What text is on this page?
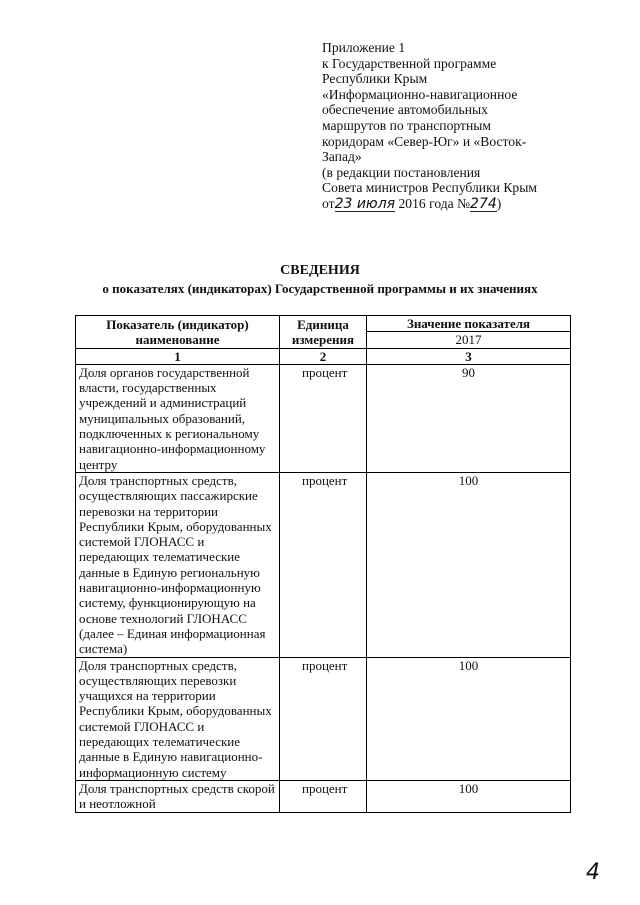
Приложение 1
к Государственной программе
Республики Крым
«Информационно-навигационное
обеспечение автомобильных
маршрутов по транспортным
коридорам «Север-Юг» и «Восток-
Запад»
(в редакции постановления
Совета министров Республики Крым
от23 июля 2016 года №274)
СВЕДЕНИЯ
о показателях (индикаторах) Государственной программы и их значениях
Показатель (индикатор) наименование	Единица измерения	Значение показателя
		2017
1	2	3
Доля органов государственной власти, государственных учреждений и администраций муниципальных образований, подключенных к региональному навигационно-информационному центру	процент	90
Доля транспортных средств, осуществляющих пассажирские перевозки на территории Республики Крым, оборудованных системой ГЛОНАСС и передающих телематические данные в Единую региональную навигационно-информационную систему, функционирующую на основе технологий ГЛОНАСС (далее – Единая информационная система)	процент	100
Доля транспортных средств, осуществляющих перевозки учащихся на территории Республики Крым, оборудованных системой ГЛОНАСС и передающих телематические данные в Единую навигационно-информационную систему	процент	100
Доля транспортных средств скорой и неотложной	процент	100
4
